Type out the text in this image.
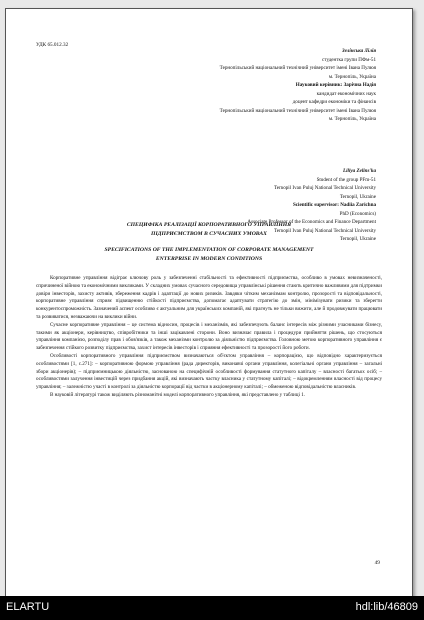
УДК 65.012.32
Зелінська Лілія
студентка групи ПФм-51
Тернопільський національний технічний університет імені Івана Пулюя
м. Тернопіль, Україна
Науковий керівник: Зарічна Надія
кандидат економічних наук
доцент кафедри економіки та фінансів
Тернопільський національний технічний університет імені Івана Пулюя
м. Тернопіль, Україна
Liliya Zelins'ka
Student of the group PFm-51
Ternopil Ivan Puluj National Technical University
Ternopil, Ukraine
Scientific supervisor: Nadiia Zarichna
PhD (Economics)
Associate Professor of the Economics and Finance Department
Ternopil Ivan Puluj National Technical University
Ternopil, Ukraine
СПЕЦИФІКА РЕАЛІЗАЦІЇ КОРПОРАТИВНОГО УПРАВЛІННЯ
ПІДПРИЄМСТВОМ В СУЧАСНИХ УМОВАХ
SPECIFICATIONS OF THE IMPLEMENTATION OF CORPORATE MANAGEMENT
ENTERPRISE IN MODERN CONDITIONS

Корпоративне управління відіграє ключову роль у забезпеченні стабільності та ефективності підприємства, особливо в умовах невизначеності, спричиненої війною та економічними викликами. У складних умовах сучасного середовища управлінські рішення стають критично важливими для підтримки довіри інвесторів, захисту активів, збереження кадрів і адаптації до нових ризиків. Завдяки чітким механізмам контролю, прозорості та відповідальності, корпоративне управління сприяє підвищенню стійкості підприємства, допомагає адаптувати стратегію до змін, мінімізувати ризики та зберегти конкурентоспроможність. Зазначений аспект особливо є актуальним для українських компаній, які прагнуть не тільки вижити, але й продовжувати працювати та розвиватися, незважаючи на виклики війни.

Сучасне корпоративне управління – це система відносин, процесів і механізмів, які забезпечують баланс інтересів між різними учасниками бізнесу, такими як акціонери, керівництво, співробітники та інші зацікавлені сторони. Воно визначає правила і процедури прийняття рішень, що стосуються управління компанією, розподілу прав і обов'язків, а також механізми контролю за діяльністю підприємства. Головною метою корпоративного управління є забезпечення стійкого розвитку підприємства, захист інтересів інвесторів і сприяння ефективності та прозорості його роботи.

Особливості корпоративного управління підприємством визначаються об'єктом управління – корпорацією, що відповідно характеризується особливостями [1, с.271]: – корпоративною формою управління (рада директорів, виконавчі органи управління, колегіальні органи управління – загальні збори акціонерів); – підприємницькою діяльністю, заснованою на специфічній особливості формування статутного капіталу – власності багатьох осіб; – особливостями залучення інвестицій через придбання акцій, які визначають частку власника у статутному капіталі; – відокремленням власності від процесу управління; – залежністю участі в контролі за діяльністю корпорації від частки в акціонерному капіталі; – обмеженою відповідальністю власників.

В науковій літературі також виділяють різноманітні моделі корпоративного управління, які представлено у таблиці 1.

49
ELARTU	hdl:lib/46809
